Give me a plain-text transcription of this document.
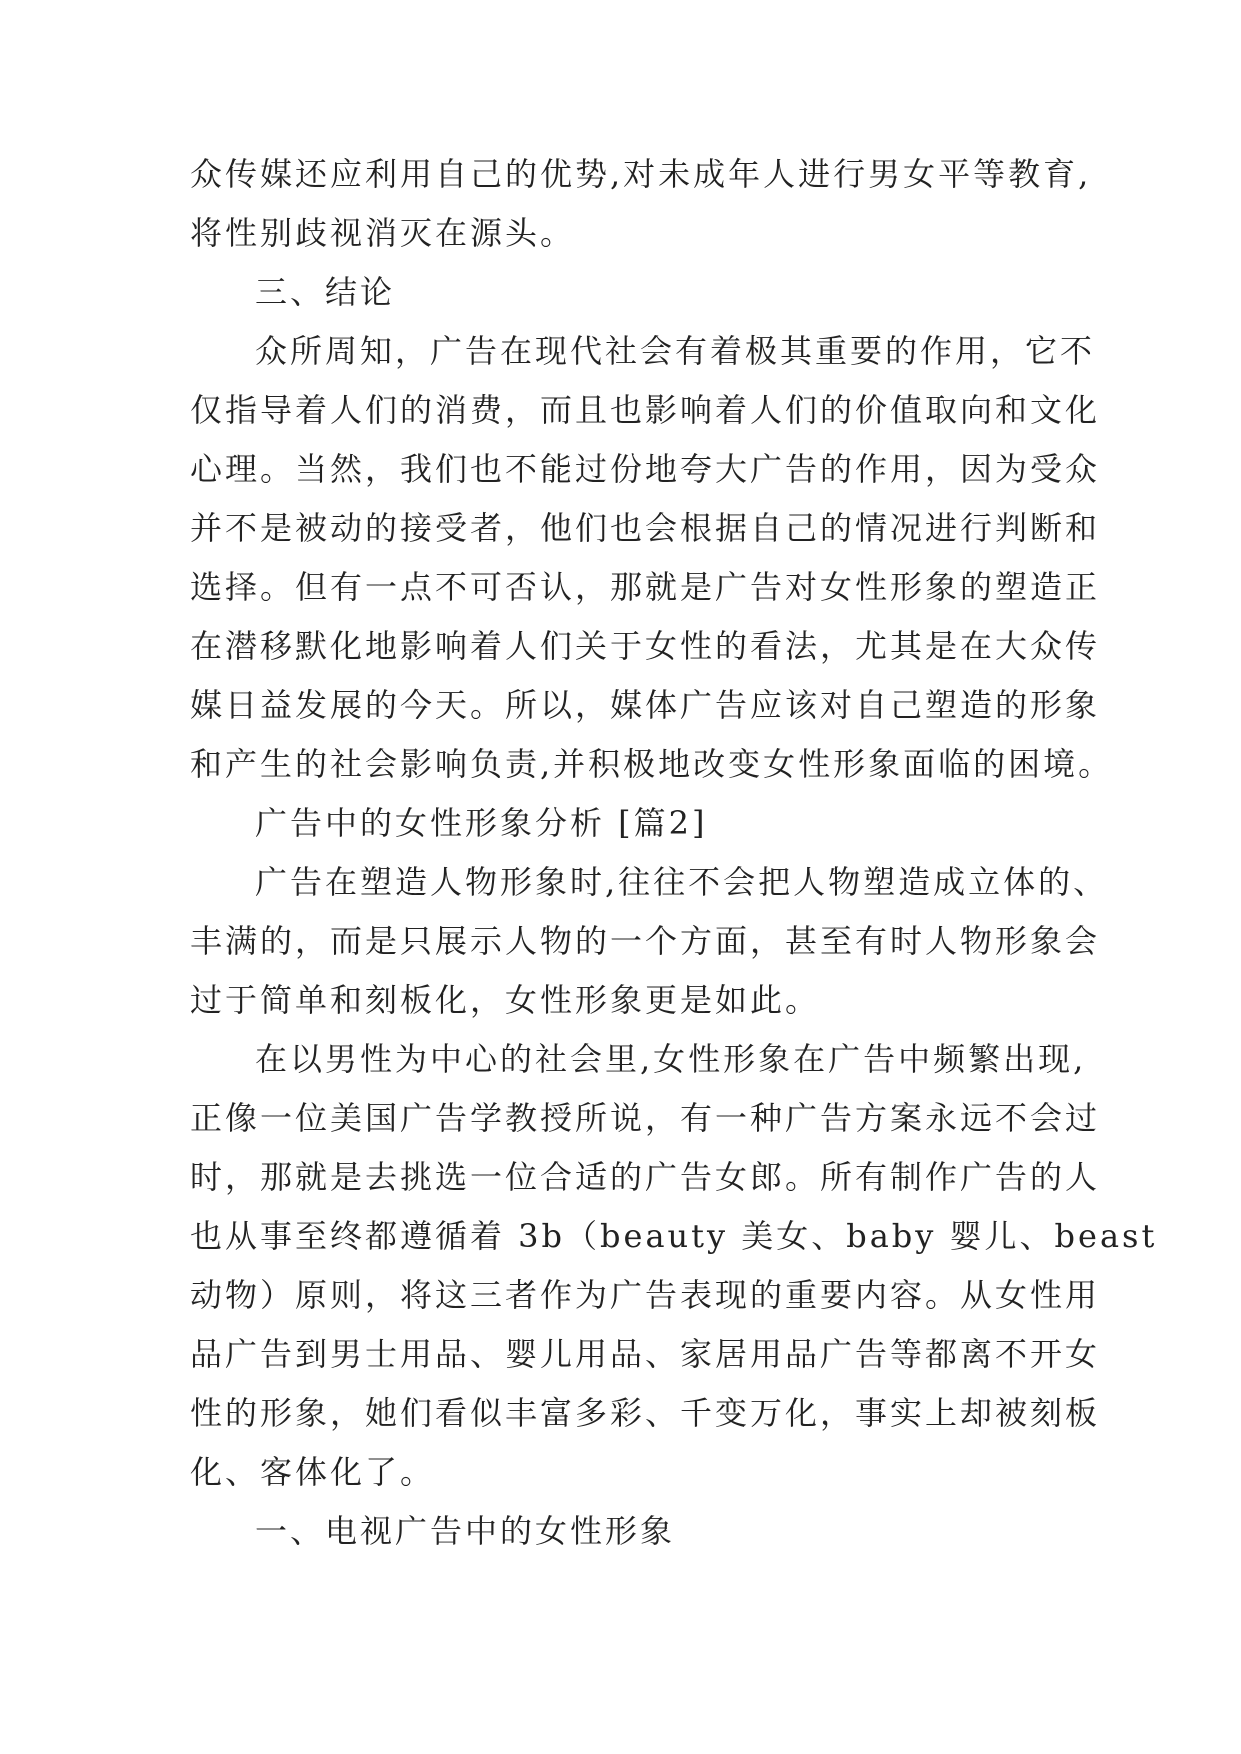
众传媒还应利用自己的优势,对未成年人进行男女平等教育,
将性别歧视消灭在源头。
三、结论
众所周知，广告在现代社会有着极其重要的作用，它不
仅指导着人们的消费，而且也影响着人们的价值取向和文化
心理。当然，我们也不能过份地夸大广告的作用，因为受众
并不是被动的接受者，他们也会根据自己的情况进行判断和
选择。但有一点不可否认，那就是广告对女性形象的塑造正
在潜移默化地影响着人们关于女性的看法，尤其是在大众传
媒日益发展的今天。所以，媒体广告应该对自己塑造的形象
和产生的社会影响负责,并积极地改变女性形象面临的困境。
广告中的女性形象分析 [篇2]
广告在塑造人物形象时,往往不会把人物塑造成立体的、
丰满的，而是只展示人物的一个方面，甚至有时人物形象会
过于简单和刻板化，女性形象更是如此。
在以男性为中心的社会里,女性形象在广告中频繁出现,
正像一位美国广告学教授所说，有一种广告方案永远不会过
时，那就是去挑选一位合适的广告女郎。所有制作广告的人
也从事至终都遵循着 3b（beauty 美女、baby 婴儿、beast
动物）原则，将这三者作为广告表现的重要内容。从女性用
品广告到男士用品、婴儿用品、家居用品广告等都离不开女
性的形象，她们看似丰富多彩、千变万化，事实上却被刻板
化、客体化了。
一、电视广告中的女性形象
